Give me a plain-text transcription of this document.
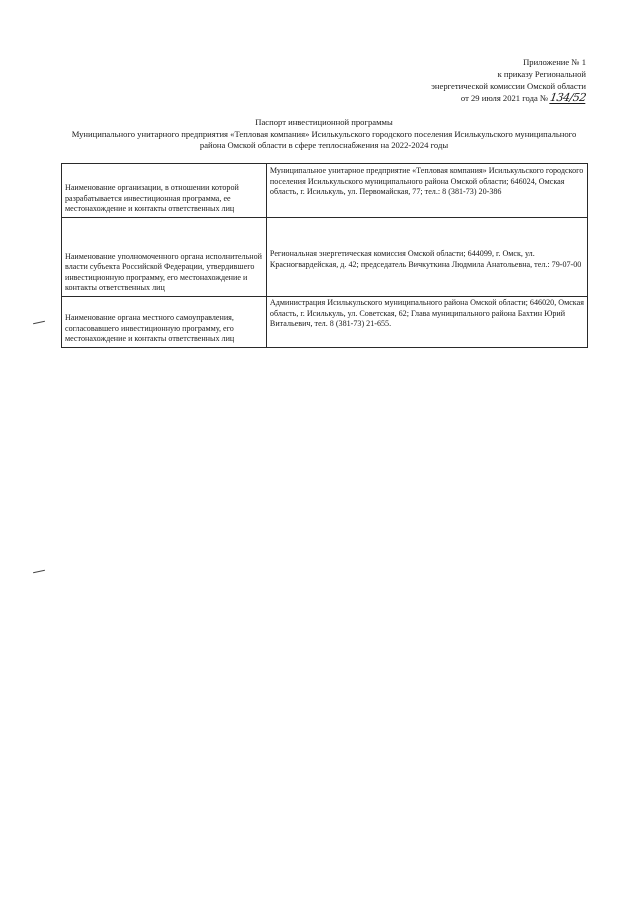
Приложение № 1
к приказу Региональной
энергетической комиссии Омской области
от 29 июля 2021 года № 134/52
Паспорт инвестиционной программы
Муниципального унитарного предприятия «Тепловая компания» Исилькульского городского поселения Исилькульского муниципального района Омской области в сфере теплоснабжения на 2022-2024 годы
Наименование организации, в отношении которой разрабатывается инвестиционная программа, ее местонахождение и контакты ответственных лиц	Муниципальное унитарное предприятие «Тепловая компания» Исилькульского городского поселения Исилькульского муниципального района Омской области; 646024, Омская область, г. Исилькуль, ул. Первомайская, 77; тел.: 8 (381-73) 20-386
Наименование уполномоченного органа исполнительной власти субъекта Российской Федерации, утвердившего инвестиционную программу, его местонахождение и контакты ответственных лиц	Региональная энергетическая комиссия Омской области; 644099, г. Омск, ул. Красногвардейская, д. 42; председатель Вичкуткина Людмила Анатольевна, тел.: 79-07-00
Наименование органа местного самоуправления, согласовавшего инвестиционную программу, его местонахождение и контакты ответственных лиц	Администрация Исилькульского муниципального района Омской области; 646020, Омская область, г. Исилькуль, ул. Советская, 62; Глава муниципального района Бахтин Юрий Витальевич, тел. 8 (381-73) 21-655.
